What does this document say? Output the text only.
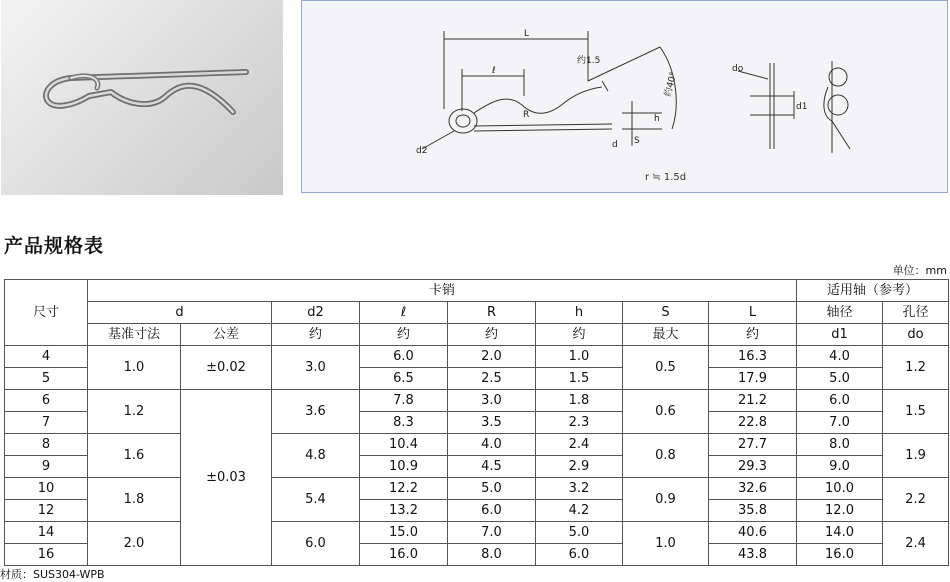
L
ℓ
约1.5
约40°
R	h
S
d
d2
do
d1
r ≒ 1.5d
产品规格表
单位：mm
尺寸	卡销								适用轴（参考）	
	d		d2	ℓ	R	h	S	L	轴径	孔径
	基准寸法	公差	约	约	约	约	最大	约	d1	do
4	1.0	±0.02	3.0	6.0	2.0	1.0	0.5	16.3	4.0	1.2
5				6.5	2.5	1.5		17.9	5.0	
6	1.2	±0.03	3.6	7.8	3.0	1.8	0.6	21.2	6.0	1.5
7				8.3	3.5	2.3		22.8	7.0	
8	1.6		4.8	10.4	4.0	2.4	0.8	27.7	8.0	1.9
9				10.9	4.5	2.9		29.3	9.0	
10	1.8		5.4	12.2	5.0	3.2	0.9	32.6	10.0	2.2
12				13.2	6.0	4.2		35.8	12.0	
14	2.0		6.0	15.0	7.0	5.0	1.0	40.6	14.0	2.4
16				16.0	8.0	6.0		43.8	16.0	
材质：SUS304-WPB
